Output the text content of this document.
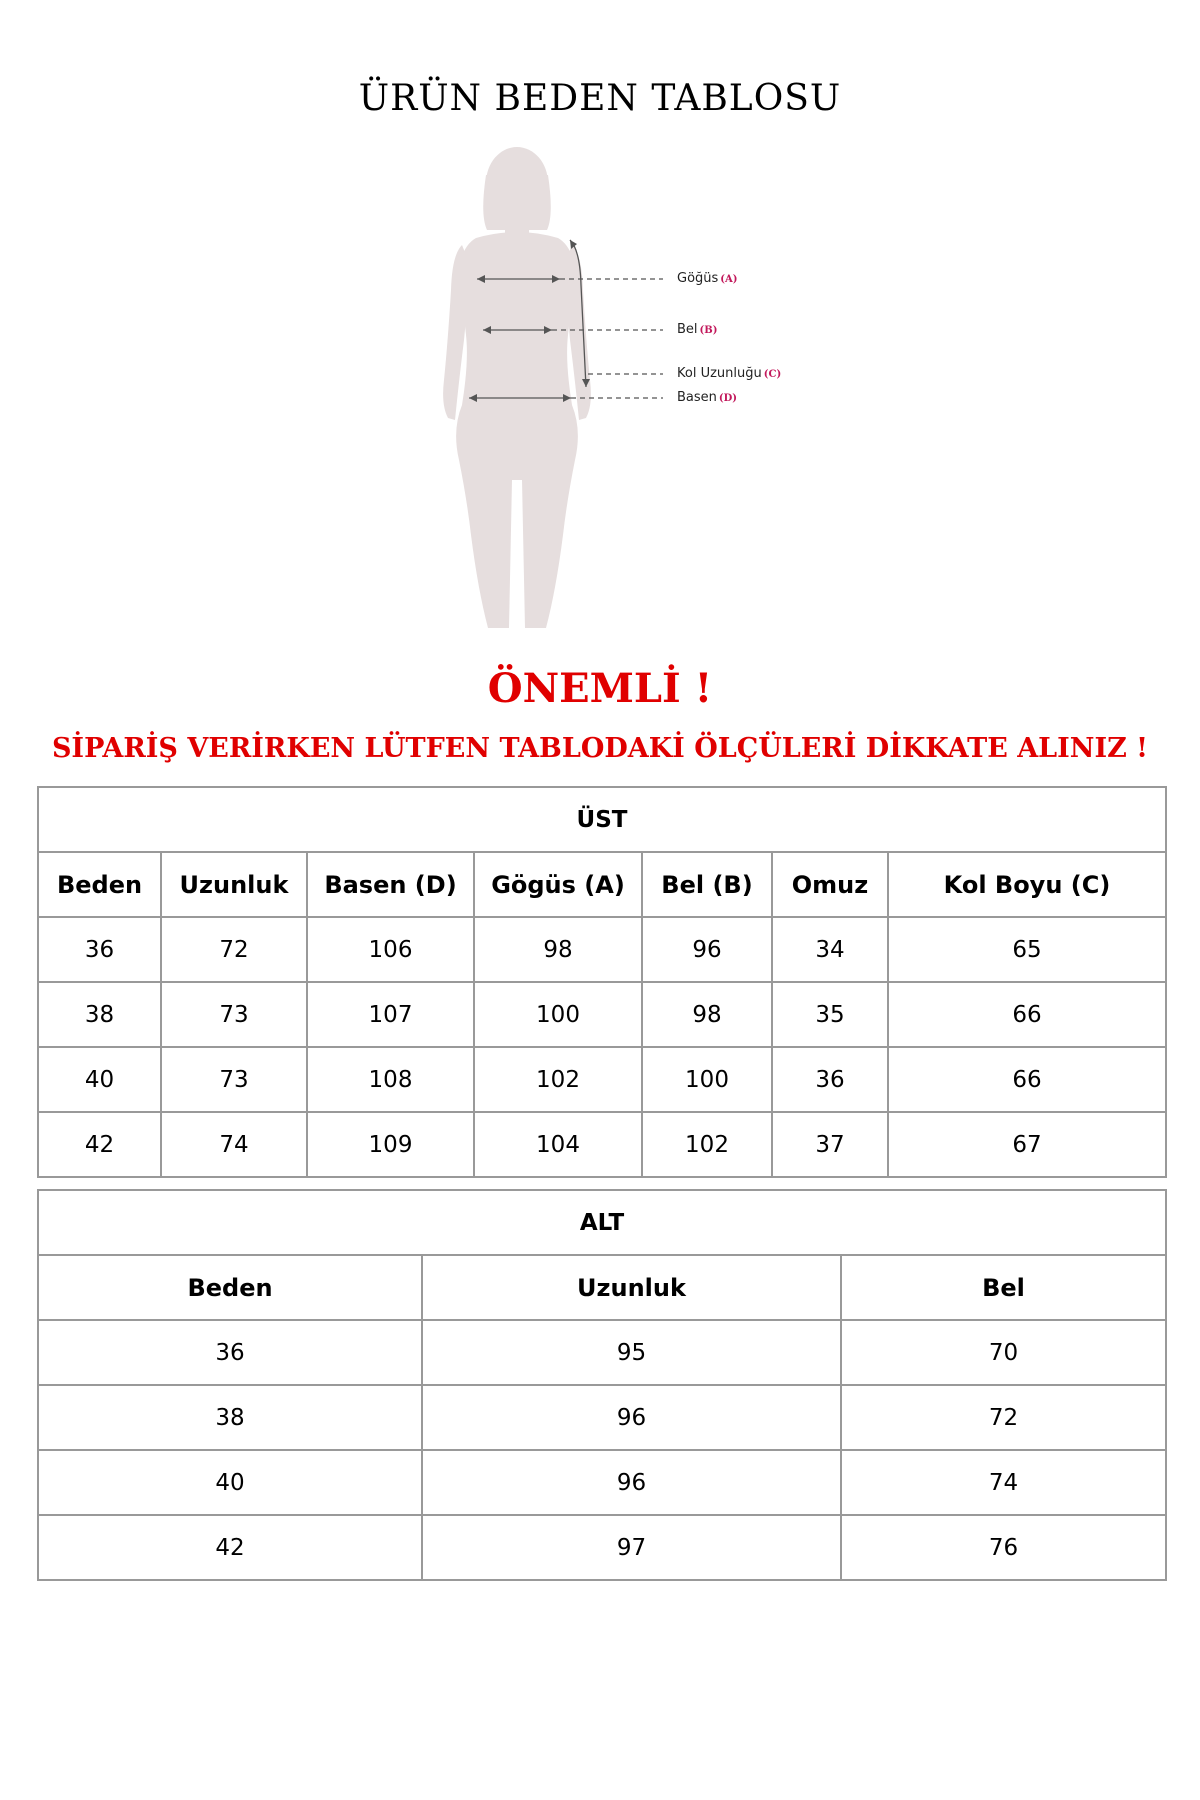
ÜRÜN BEDEN TABLOSU
Göğüs (A)
Bel (B)
Kol Uzunluğu (C)
Basen (D)
ÖNEMLİ !
SİPARİŞ VERİRKEN LÜTFEN TABLODAKİ ÖLÇÜLERİ DİKKATE ALINIZ !
ÜST						
Beden	Uzunluk	Basen (D)	Gögüs (A)	Bel (B)	Omuz	Kol Boyu (C)
36	72	106	98	96	34	65
38	73	107	100	98	35	66
40	73	108	102	100	36	66
42	74	109	104	102	37	67
ALT		
Beden	Uzunluk	Bel
36	95	70
38	96	72
40	96	74
42	97	76
